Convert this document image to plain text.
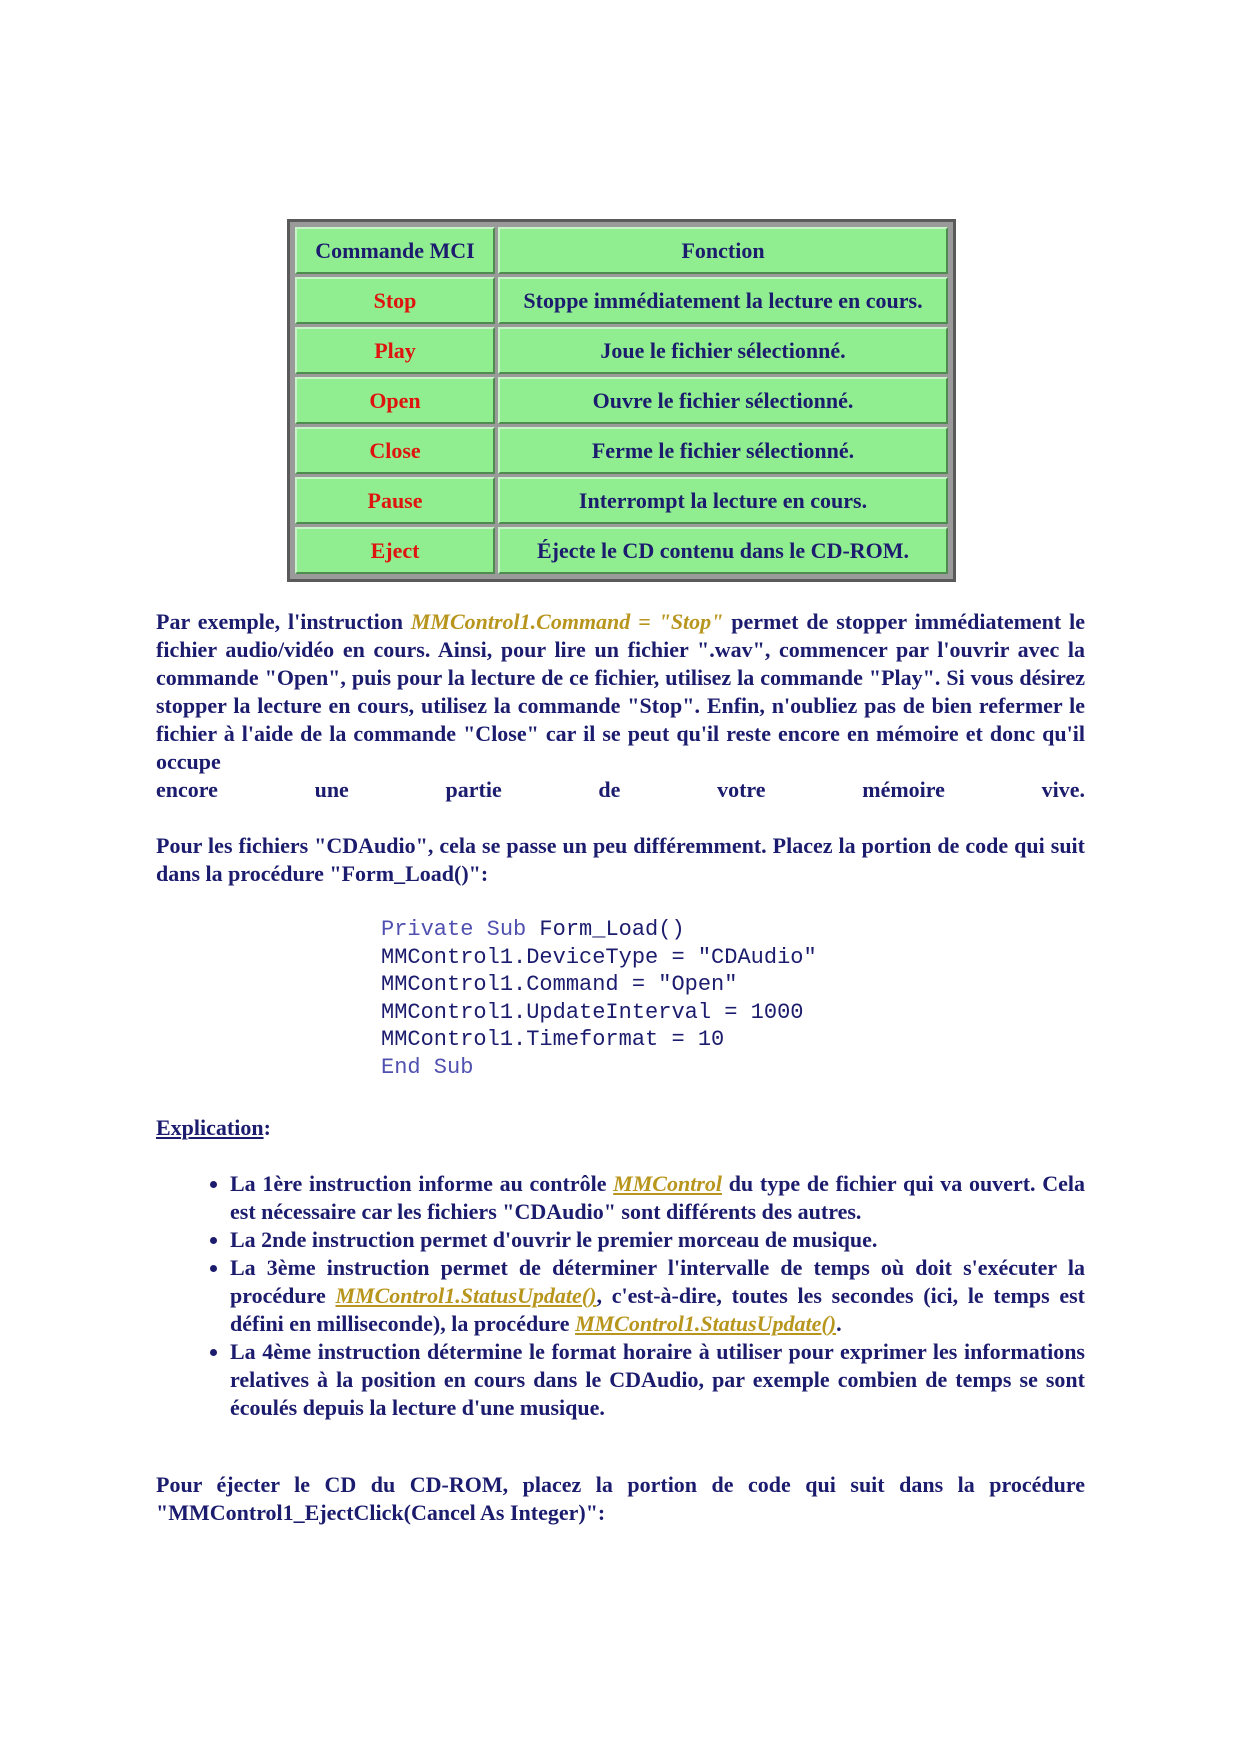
Commande MCI	Fonction
Stop	Stoppe immédiatement la lecture en cours.
Play	Joue le fichier sélectionné.
Open	Ouvre le fichier sélectionné.
Close	Ferme le fichier sélectionné.
Pause	Interrompt la lecture en cours.
Eject	Éjecte le CD contenu dans le CD-ROM.

Par exemple, l'instruction MMControl1.Command = "Stop" permet de stopper immédiatement le fichier audio/vidéo en cours. Ainsi, pour lire un fichier ".wav", commencer par l'ouvrir avec la commande "Open", puis pour la lecture de ce fichier, utilisez la commande "Play". Si vous désirez stopper la lecture en cours, utilisez la commande "Stop". Enfin, n'oubliez pas de bien refermer le fichier à l'aide de la commande "Close" car il se peut qu'il reste encore en mémoire et donc qu'il occupe
encore une partie de votre mémoire vive.

Pour les fichiers "CDAudio", cela se passe un peu différemment. Placez la portion de code qui suit dans la procédure "Form_Load()":

Private Sub Form_Load()
MMControl1.DeviceType = "CDAudio"
MMControl1.Command = "Open"
MMControl1.UpdateInterval = 1000
MMControl1.Timeformat = 10
End Sub
Explication:
• La 1ère instruction informe au contrôle MMControl du type de fichier qui va ouvert. Cela est nécessaire car les fichiers "CDAudio" sont différents des autres.
• La 2nde instruction permet d'ouvrir le premier morceau de musique.
• La 3ème instruction permet de déterminer l'intervalle de temps où doit s'exécuter la procédure MMControl1.StatusUpdate(), c'est-à-dire, toutes les secondes (ici, le temps est défini en milliseconde), la procédure MMControl1.StatusUpdate().
• La 4ème instruction détermine le format horaire à utiliser pour exprimer les informations relatives à la position en cours dans le CDAudio, par exemple combien de temps se sont écoulés depuis la lecture d'une musique.

Pour éjecter le CD du CD-ROM, placez la portion de code qui suit dans la procédure "MMControl1_EjectClick(Cancel As Integer)":
